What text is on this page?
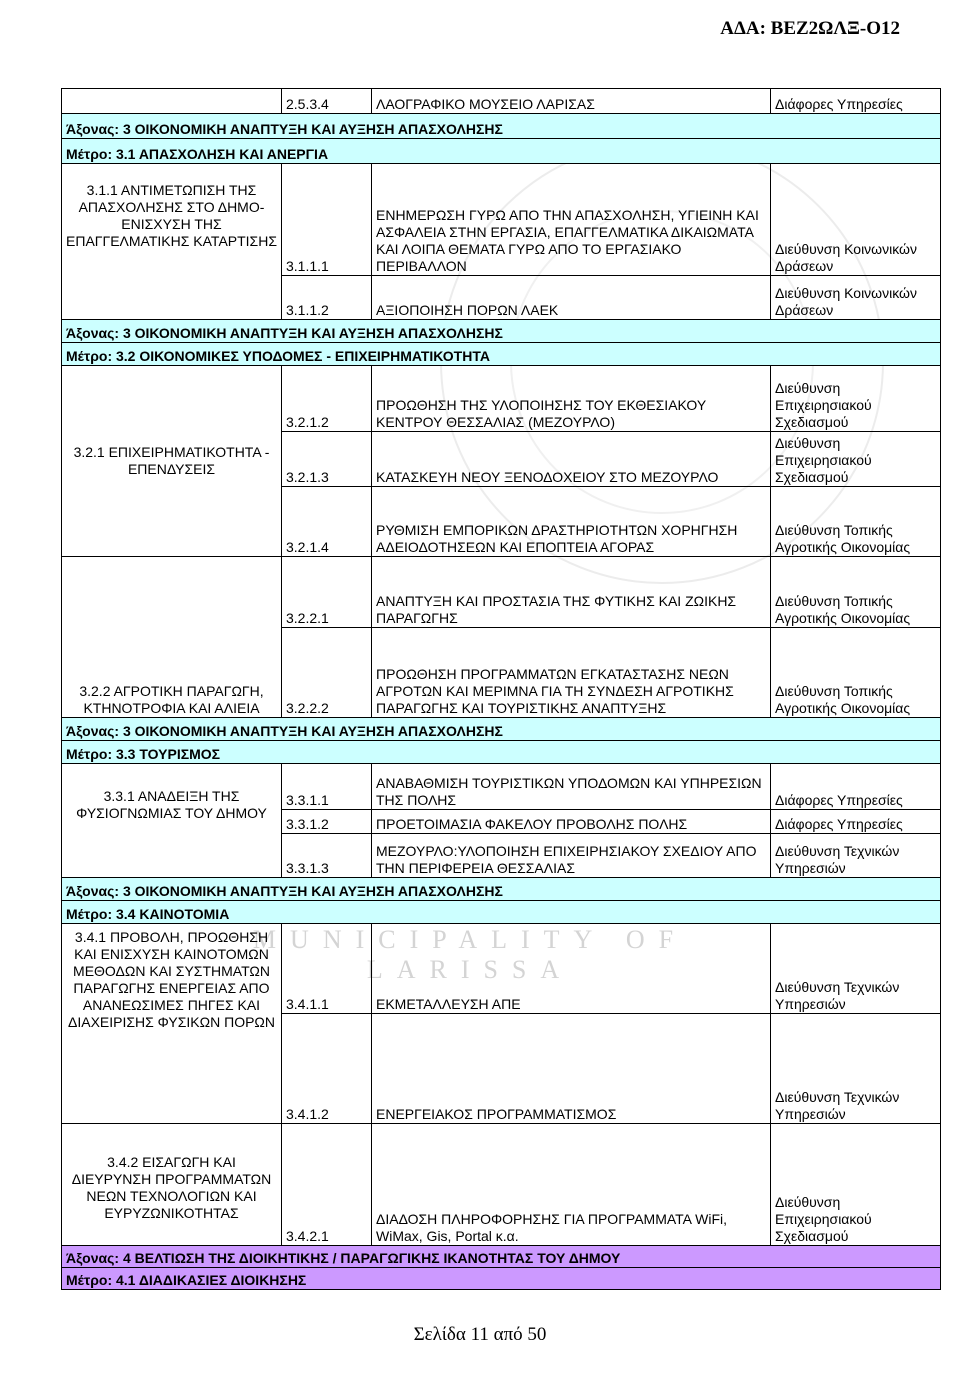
ΑΔΑ: ΒΕΖ2ΩΛΞ-Ο12
MUNICIPALITY OF LARISSA
	2.5.3.4	ΛΑΟΓΡΑΦΙΚΟ ΜΟΥΣΕΙΟ ΛΑΡΙΣΑΣ	Διάφορες Υπηρεσίες
Άξονας: 3 ΟΙΚΟΝΟΜΙΚΗ ΑΝΑΠΤΥΞΗ ΚΑΙ ΑΥΞΗΣΗ ΑΠΑΣΧΟΛΗΣΗΣ			
Μέτρο: 3.1 ΑΠΑΣΧΟΛΗΣΗ ΚΑΙ ΑΝΕΡΓΙΑ			
3.1.1 ΑΝΤΙΜΕΤΩΠΙΣΗ ΤΗΣ ΑΠΑΣΧΟΛΗΣΗΣ ΣΤΟ ΔΗΜΟ-ΕΝΙΣΧΥΣΗ ΤΗΣ ΕΠΑΓΓΕΛΜΑΤΙΚΗΣ ΚΑΤΑΡΤΙΣΗΣ	3.1.1.1	ΕΝΗΜΕΡΩΣΗ ΓΥΡΩ ΑΠΟ ΤΗΝ ΑΠΑΣΧΟΛΗΣΗ, ΥΓΙΕΙΝΗ ΚΑΙ ΑΣΦΑΛΕΙΑ ΣΤΗΝ ΕΡΓΑΣΙΑ, ΕΠΑΓΓΕΛΜΑΤΙΚΑ ΔΙΚΑΙΩΜΑΤΑ ΚΑΙ ΛΟΙΠΑ ΘΕΜΑΤΑ ΓΥΡΩ ΑΠΟ ΤΟ ΕΡΓΑΣΙΑΚΟ ΠΕΡΙΒΑΛΛΟΝ	Διεύθυνση Κοινωνικών Δράσεων
	3.1.1.2	ΑΞΙΟΠΟΙΗΣΗ ΠΟΡΩΝ ΛΑΕΚ	Διεύθυνση Κοινωνικών Δράσεων
Άξονας: 3 ΟΙΚΟΝΟΜΙΚΗ ΑΝΑΠΤΥΞΗ ΚΑΙ ΑΥΞΗΣΗ ΑΠΑΣΧΟΛΗΣΗΣ			
Μέτρο: 3.2 ΟΙΚΟΝΟΜΙΚΕΣ ΥΠΟΔΟΜΕΣ - ΕΠΙΧΕΙΡΗΜΑΤΙΚΟΤΗΤΑ			
3.2.1 ΕΠΙΧΕΙΡΗΜΑΤΙΚΟΤΗΤΑ - ΕΠΕΝΔΥΣΕΙΣ	3.2.1.2	ΠΡΟΩΘΗΣΗ ΤΗΣ ΥΛΟΠΟΙΗΣΗΣ ΤΟΥ ΕΚΘΕΣΙΑΚΟΥ ΚΕΝΤΡΟΥ ΘΕΣΣΑΛΙΑΣ (ΜΕΖΟΥΡΛΟ)	Διεύθυνση Επιχειρησιακού Σχεδιασμού
	3.2.1.3	ΚΑΤΑΣΚΕΥΗ ΝΕΟΥ ΞΕΝΟΔΟΧΕΙΟΥ ΣΤΟ ΜΕΖΟΥΡΛΟ	Διεύθυνση Επιχειρησιακού Σχεδιασμού
	3.2.1.4	ΡΥΘΜΙΣΗ ΕΜΠΟΡΙΚΩΝ ΔΡΑΣΤΗΡΙΟΤΗΤΩΝ ΧΟΡΗΓΗΣΗ ΑΔΕΙΟΔΟΤΗΣΕΩΝ ΚΑΙ ΕΠΟΠΤΕΙΑ ΑΓΟΡΑΣ	Διεύθυνση Τοπικής Αγροτικής Οικονομίας
3.2.2 ΑΓΡΟΤΙΚΗ ΠΑΡΑΓΩΓΗ, ΚΤΗΝΟΤΡΟΦΙΑ ΚΑΙ ΑΛΙΕΙΑ	3.2.2.1	ΑΝΑΠΤΥΞΗ ΚΑΙ ΠΡΟΣΤΑΣΙΑ ΤΗΣ ΦΥΤΙΚΗΣ ΚΑΙ ΖΩΙΚΗΣ ΠΑΡΑΓΩΓΗΣ	Διεύθυνση Τοπικής Αγροτικής Οικονομίας
	3.2.2.2	ΠΡΟΩΘΗΣΗ ΠΡΟΓΡΑΜΜΑΤΩΝ ΕΓΚΑΤΑΣΤΑΣΗΣ ΝΕΩΝ ΑΓΡΟΤΩΝ ΚΑΙ ΜΕΡΙΜΝΑ ΓΙΑ ΤΗ ΣΥΝΔΕΣΗ ΑΓΡΟΤΙΚΗΣ ΠΑΡΑΓΩΓΗΣ ΚΑΙ ΤΟΥΡΙΣΤΙΚΗΣ ΑΝΑΠΤΥΞΗΣ	Διεύθυνση Τοπικής Αγροτικής Οικονομίας
Άξονας: 3 ΟΙΚΟΝΟΜΙΚΗ ΑΝΑΠΤΥΞΗ ΚΑΙ ΑΥΞΗΣΗ ΑΠΑΣΧΟΛΗΣΗΣ			
Μέτρο: 3.3 ΤΟΥΡΙΣΜΟΣ			
3.3.1 ΑΝΑΔΕΙΞΗ ΤΗΣ ΦΥΣΙΟΓΝΩΜΙΑΣ ΤΟΥ ΔΗΜΟΥ	3.3.1.1	ΑΝΑΒΑΘΜΙΣΗ ΤΟΥΡΙΣΤΙΚΩΝ ΥΠΟΔΟΜΩΝ ΚΑΙ ΥΠΗΡΕΣΙΩΝ ΤΗΣ ΠΟΛΗΣ	Διάφορες Υπηρεσίες
	3.3.1.2	ΠΡΟΕΤΟΙΜΑΣΙΑ ΦΑΚΕΛΟΥ ΠΡΟΒΟΛΗΣ ΠΟΛΗΣ	Διάφορες Υπηρεσίες
	3.3.1.3	ΜΕΖΟΥΡΛΟ:ΥΛΟΠΟΙΗΣΗ ΕΠΙΧΕΙΡΗΣΙΑΚΟΥ ΣΧΕΔΙΟΥ ΑΠΟ ΤΗΝ ΠΕΡΙΦΕΡΕΙΑ ΘΕΣΣΑΛΙΑΣ	Διεύθυνση Τεχνικών Υπηρεσιών
Άξονας: 3 ΟΙΚΟΝΟΜΙΚΗ ΑΝΑΠΤΥΞΗ ΚΑΙ ΑΥΞΗΣΗ ΑΠΑΣΧΟΛΗΣΗΣ			
Μέτρο: 3.4 ΚΑΙΝΟΤΟΜΙΑ			
3.4.1 ΠΡΟΒΟΛΗ, ΠΡΟΩΘΗΣΗ ΚΑΙ ΕΝΙΣΧΥΣΗ ΚΑΙΝΟΤΟΜΩΝ ΜΕΘΟΔΩΝ ΚΑΙ ΣΥΣΤΗΜΑΤΩΝ ΠΑΡΑΓΩΓΗΣ ΕΝΕΡΓΕΙΑΣ ΑΠΟ ΑΝΑΝΕΩΣΙΜΕΣ ΠΗΓΕΣ ΚΑΙ ΔΙΑΧΕΙΡΙΣΗΣ ΦΥΣΙΚΩΝ ΠΟΡΩΝ	3.4.1.1	ΕΚΜΕΤΑΛΛΕΥΣΗ ΑΠΕ	Διεύθυνση Τεχνικών Υπηρεσιών
	3.4.1.2	ΕΝΕΡΓΕΙΑΚΟΣ ΠΡΟΓΡΑΜΜΑΤΙΣΜΟΣ	Διεύθυνση Τεχνικών Υπηρεσιών
3.4.2 ΕΙΣΑΓΩΓΗ ΚΑΙ ΔΙΕΥΡΥΝΣΗ ΠΡΟΓΡΑΜΜΑΤΩΝ ΝΕΩΝ ΤΕΧΝΟΛΟΓΙΩΝ ΚΑΙ ΕΥΡΥΖΩΝΙΚΟΤΗΤΑΣ	3.4.2.1	ΔΙΑΔΟΣΗ ΠΛΗΡΟΦΟΡΗΣΗΣ ΓΙΑ ΠΡΟΓΡΑΜΜΑΤΑ WiFi, WiMax, Gis, Portal κ.α.	Διεύθυνση Επιχειρησιακού Σχεδιασμού
Άξονας: 4 ΒΕΛΤΙΩΣΗ ΤΗΣ ΔΙΟΙΚΗΤΙΚΗΣ / ΠΑΡΑΓΩΓΙΚΗΣ ΙΚΑΝΟΤΗΤΑΣ ΤΟΥ ΔΗΜΟΥ			
Μέτρο: 4.1 ΔΙΑΔΙΚΑΣΙΕΣ ΔΙΟΙΚΗΣΗΣ			
Σελίδα 11 από 50
